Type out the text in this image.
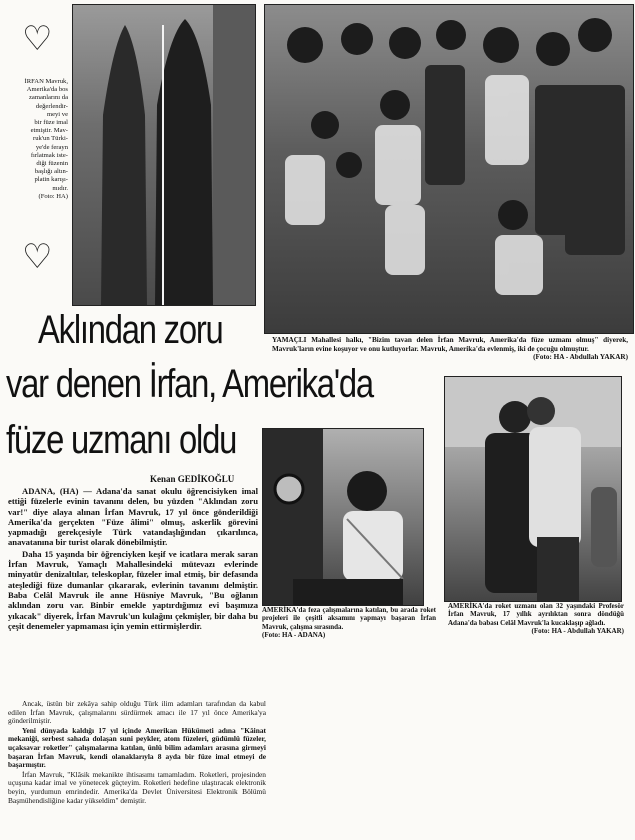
♡
♡
İRFAN Mavruk,
Amerika'da bos
zamanlarını da
değerlendir-
meyi ve
bir füze imal
etmiştir. Mav-
ruk'un Türki-
ye'de ferayn
fırlatmak iste-
diği füzenin
başlığı altın-
platin karışı-
mıdır.
(Foto: HA)
YAMAÇLI Mahallesi halkı, "Bizim tavan delen İrfan Mavruk, Amerika'da füze uzmanı olmuş" diyerek, Mavruk'ların evine koşuyor ve onu kutluyorlar. Mavruk, Amerika'da evlenmiş, iki de çocuğu olmuştur.
(Foto: HA - Abdullah YAKAR)
Aklından zoru
var denen İrfan, Amerika'da
füze uzmanı oldu
Kenan GEDİKOĞLU

ADANA, (HA) — Adana'da sanat okulu öğrencisiyken imal ettiği füzelerle evinin tavanını delen, bu yüzden "Aklından zoru var!" diye alaya alınan İrfan Mavruk, 17 yıl önce gönderildiği Amerika'da gerçekten "Füze âlimi" olmuş, askerlik görevini yapmadığı gerekçesiyle Türk vatandaşlığından çıkarılınca, anavatanına bir turist olarak dönebilmiştir.

Daha 15 yaşında bir öğrenciyken keşif ve icatlara merak saran İrfan Mavruk, Yamaçlı Mahallesindeki mütevazı evlerinde minyatür denizaltılar, teleskoplar, füzeler imal etmiş, bir defasında ateşlediği füze dumanlar çıkararak, evlerinin tavanını delmiştir. Baba Celâl Mavruk ile anne Hüsniye Mavruk, "Bu oğlanın aklından zoru var. Binbir emekle yaptırdığımız evi başımıza yıkacak" diyerek, İrfan Mavruk'un kulağını çekmişler, bir daha bu çeşit denemeler yapmaması için yemin ettirmişlerdir.

Ancak, üstün bir zekâya sahip olduğu Türk ilim adamları tarafından da kabul edilen İrfan Mavruk, çalışmalarını sürdürmek amacı ile 17 yıl önce Amerika'ya gönderilmiştir.

Yeni dünyada kaldığı 17 yıl içinde Amerikan Hükümeti adına "Kâinat mekaniği, serbest sahada dolaşan suni peykler, atom füzeleri, güdümlü füzeler, uçaksavar roketler" çalışmalarına katılan, ünlü bilim adamları arasına girmeyi başaran İrfan Mavruk, kendi olanaklarıyla 8 ayda bir füze imal etmeyi de başarmıştır.

İrfan Mavruk, "Klâsik mekanikte ihtisasımı tamamladım. Roketleri, projesinden uçuşuna kadar imal ve yönetecek güçteyim. Roketleri hedefine ulaştıracak elektronik beyin, yurdumun emrindedir. Amerika'da Devlet Üniversitesi Elektronik Bölümü Başmühendisliğine kadar yükseldim" demiştir.

AMERİKA'da feza çalışmalarına katılan, bu arada roket projeleri ile çeşitli aksamını yapmayı başaran İrfan Mavruk, çalışma sırasında.
(Foto: HA - ADANA)
AMERİKA'da roket uzmanı olan 32 yaşındaki Profesör İrfan Mavruk, 17 yıllık ayrılıktan sonra döndüğü Adana'da babası Celâl Mavruk'la kucaklaşıp ağladı.
(Foto: HA - Abdullah YAKAR)
